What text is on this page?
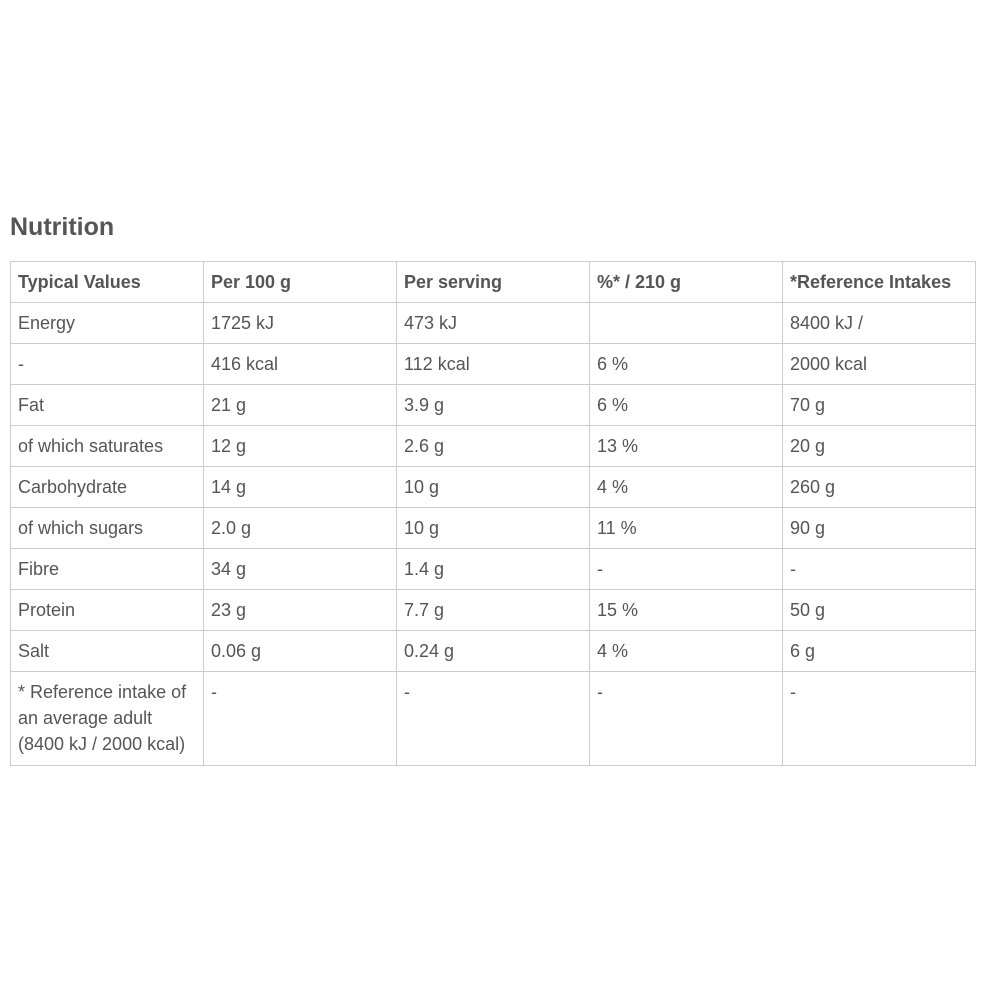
Nutrition
Typical Values	Per 100 g	Per serving	%* / 210 g	*Reference Intakes
Energy	1725 kJ	473 kJ		8400 kJ /
-	416 kcal	112 kcal	6 %	2000 kcal
Fat	21 g	3.9 g	6 %	70 g
of which saturates	12 g	2.6 g	13 %	20 g
Carbohydrate	14 g	10 g	4 %	260 g
of which sugars	2.0 g	10 g	11 %	90 g
Fibre	34 g	1.4 g	-	-
Protein	23 g	7.7 g	15 %	50 g
Salt	0.06 g	0.24 g	4 %	6 g
* Reference intake of an average adult (8400 kJ / 2000 kcal)	-	-	-	-
